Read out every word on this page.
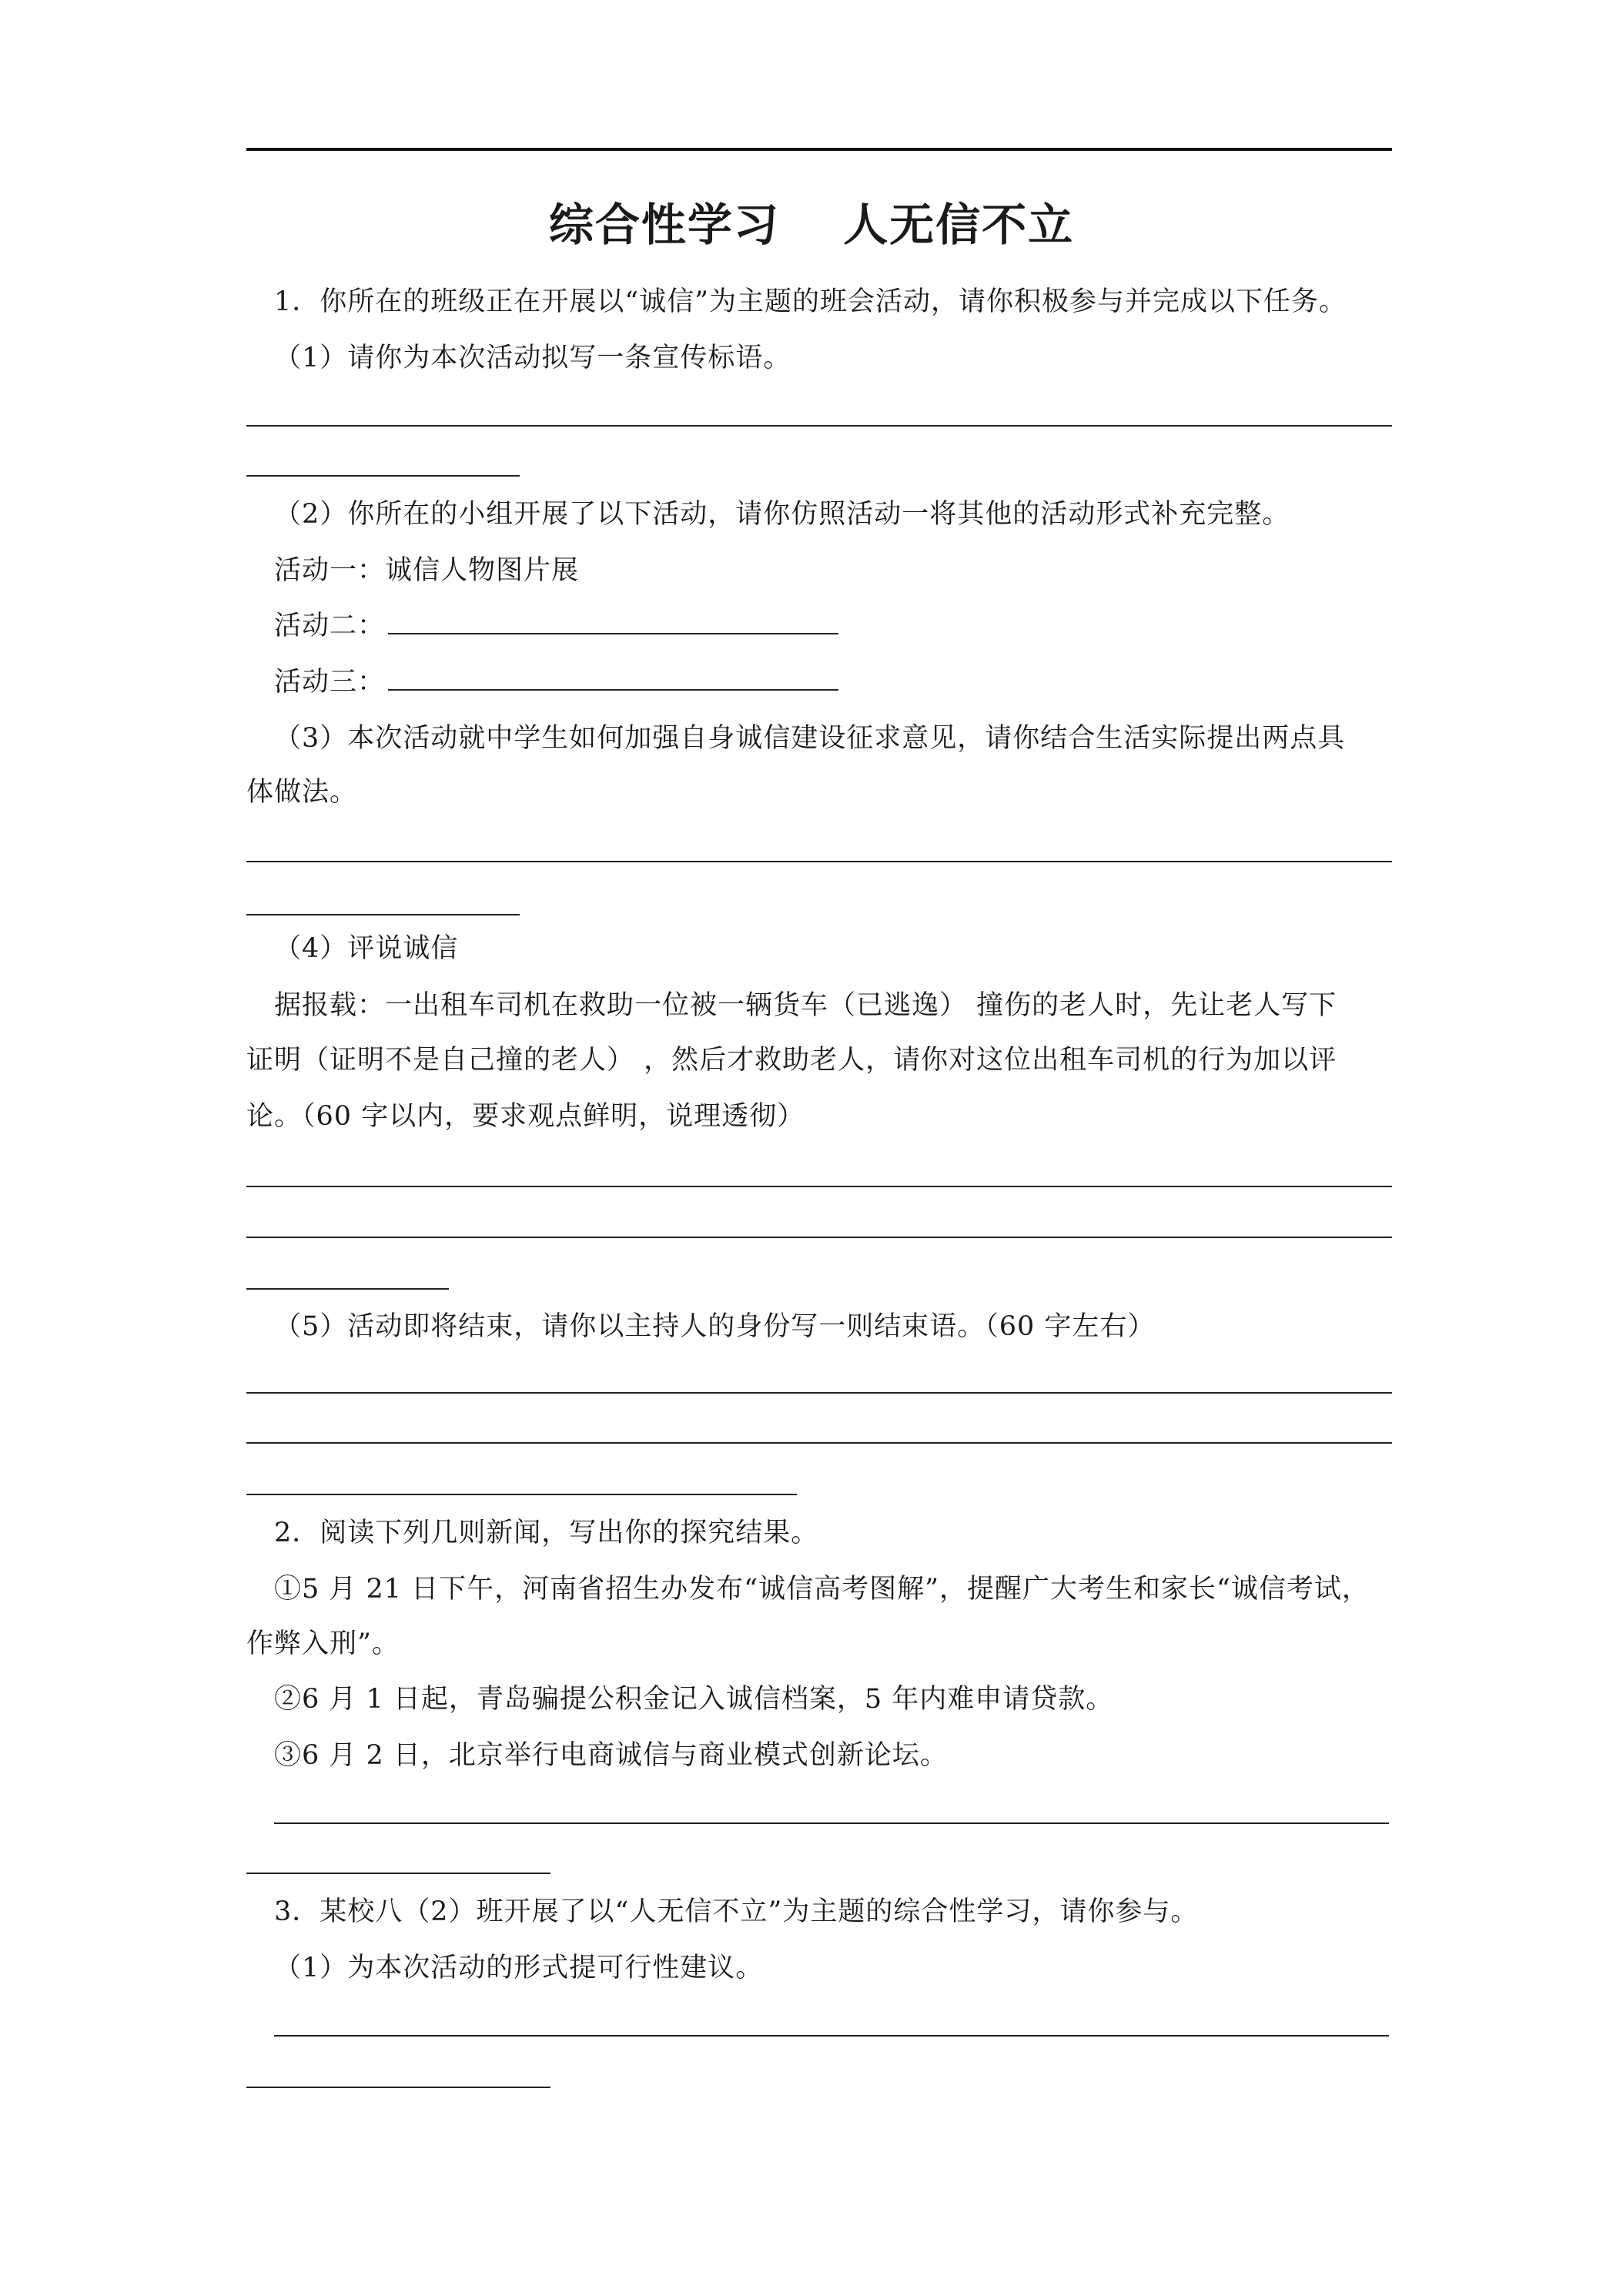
综合性学习　 人无信不立
1．你所在的班级正在开展以“诚信”为主题的班会活动，请你积极参与并完成以下任务。
（1）请你为本次活动拟写一条宣传标语。
（2）你所在的小组开展了以下活动，请你仿照活动一将其他的活动形式补充完整。
活动一：诚信人物图片展
活动二：
活动三：
（3）本次活动就中学生如何加强自身诚信建设征求意见，请你结合生活实际提出两点具
体做法。
（4）评说诚信
据报载：一出租车司机在救助一位被一辆货车（已逃逸） 撞伤的老人时，先让老人写下
证明（证明不是自己撞的老人） ，然后才救助老人，请你对这位出租车司机的行为加以评
论。（60 字以内，要求观点鲜明，说理透彻）
（5）活动即将结束，请你以主持人的身份写一则结束语。（60 字左右）
2．阅读下列几则新闻，写出你的探究结果。
①5 月 21 日下午，河南省招生办发布“诚信高考图解”，提醒广大考生和家长“诚信考试，
作弊入刑”。
②6 月 1 日起，青岛骗提公积金记入诚信档案，5 年内难申请贷款。
③6 月 2 日，北京举行电商诚信与商业模式创新论坛。
3．某校八（2）班开展了以“人无信不立”为主题的综合性学习，请你参与。
（1）为本次活动的形式提可行性建议。
